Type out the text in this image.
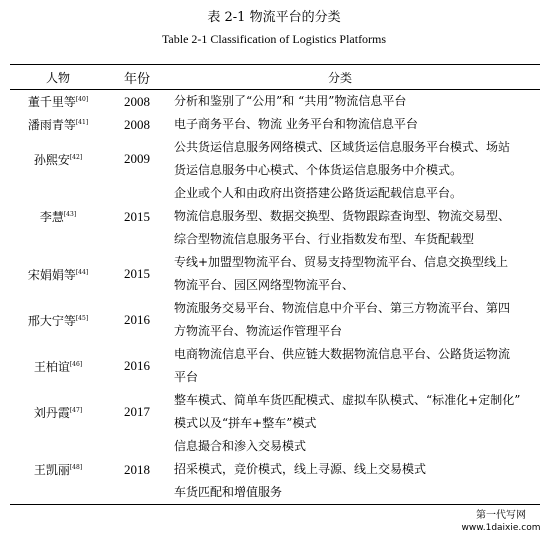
表 2-1 物流平台的分类
Table 2-1 Classification of Logistics Platforms
人物	年份	分类
董千里等[40]	2008	分析和鉴别了“公用”和 “共用”物流信息平台

潘雨青等[41]	2008	电子商务平台、物流 业务平台和物流信息平台

孙熙安[42]	2009	公共货运信息服务网络模式、区域货运信息服务平台模式、场站
货运信息服务中心模式、个体货运信息服务中介模式。

李慧[43]	2015	企业或个人和由政府出资搭建公路货运配载信息平台。
物流信息服务型、数据交换型、货物跟踪查询型、物流交易型、
综合型物流信息服务平台、行业指数发布型、车货配载型

宋娟娟等[44]	2015	专线+加盟型物流平台、贸易支持型物流平台、信息交换型线上
物流平台、园区网络型物流平台、

邢大宁等[45]	2016	物流服务交易平台、物流信息中介平台、第三方物流平台、第四
方物流平台、物流运作管理平台

王柏谊[46]	2016	电商物流信息平台、供应链大数据物流信息平台、公路货运物流
平台

刘丹霞[47]	2017	整车模式、简单车货匹配模式、虚拟车队模式、“标准化+定制化”
模式以及“拼车+整车”模式

王凯丽[48]	2018	信息撮合和渗入交易模式
招采模式，竞价模式，线上寻源、线上交易模式
车货匹配和增值服务
第一代写网
www.1daixie.com
